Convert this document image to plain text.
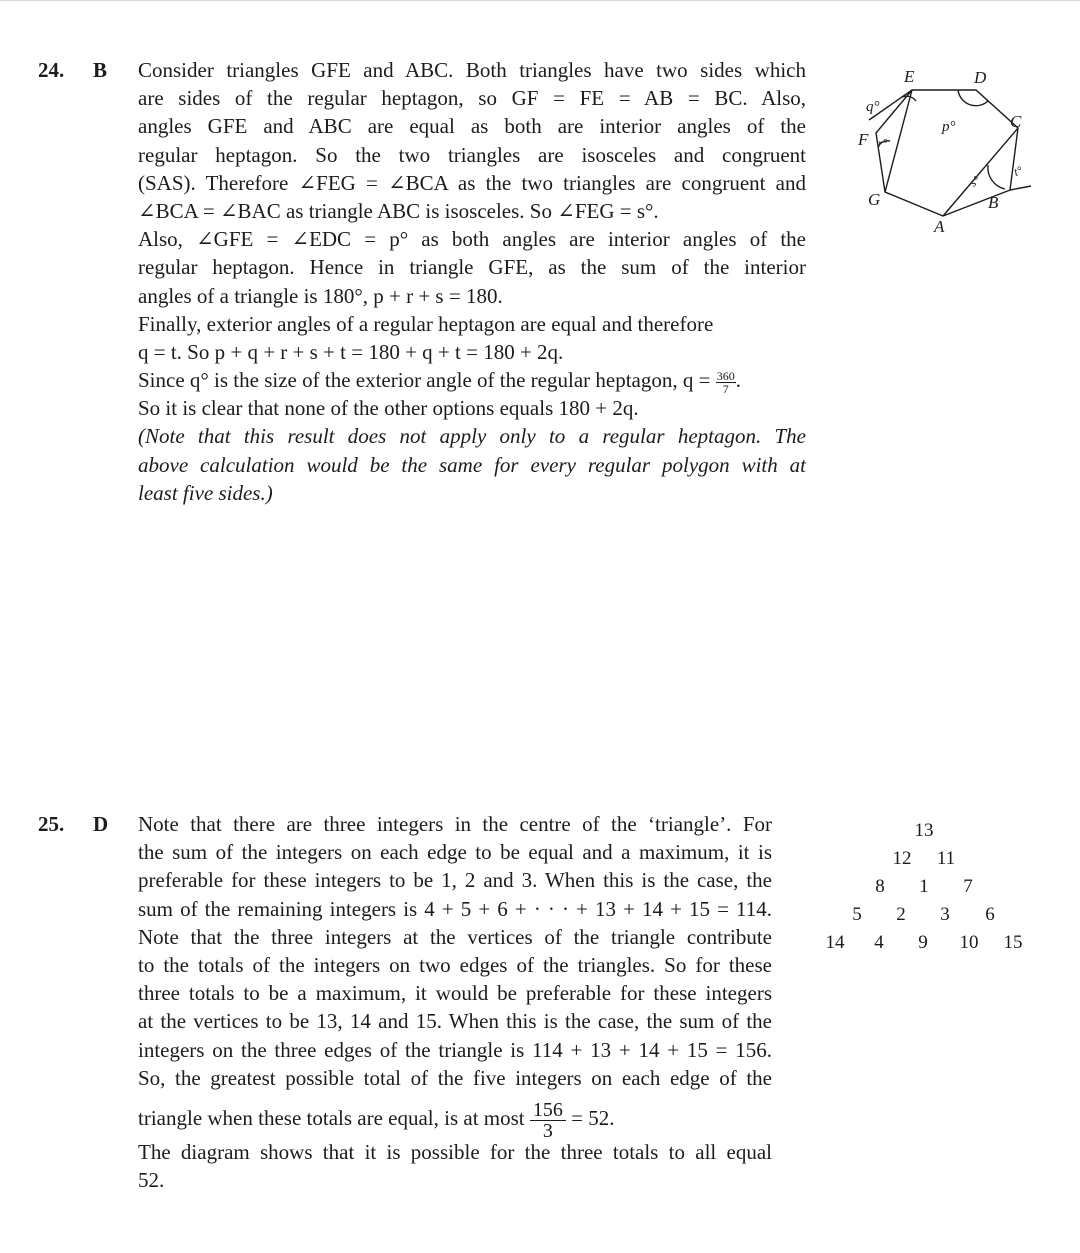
24. B Consider triangles GFE and ABC. Both triangles have two sides which
are sides of the regular heptagon, so GF = FE = AB = BC. Also,
angles GFE and ABC are equal as both are interior angles of the
regular heptagon. So the two triangles are isosceles and congruent
(SAS). Therefore ∠FEG = ∠BCA as the two triangles are congruent and
∠BCA = ∠BAC as triangle ABC is isosceles. So ∠FEG = s°.
Also, ∠GFE = ∠EDC = p° as both angles are interior angles of the
regular heptagon. Hence in triangle GFE, as the sum of the interior
angles of a triangle is 180°, p + r + s = 180.
Finally, exterior angles of a regular heptagon are equal and therefore
q = t. So p + q + r + s + t = 180 + q + t = 180 + 2q.
Since q° is the size of the exterior angle of the regular heptagon, $q = \frac{360}{7}$ .
So it is clear that none of the other options equals 180 + 2q.
(Note that this result does not apply only to a regular heptagon. The
above calculation would be the same for every regular polygon with at
least five sides.)
E	D
C
F
G
A
B
q°
p°
r°
s°
t°
25. D Note that there are three integers in the centre of the ‘triangle’. For
the sum of the integers on each edge to be equal and a maximum, it is
preferable for these integers to be 1, 2 and 3. When this is the case, the
sum of the remaining integers is 4 + 5 + 6 + · · · + 13 + 14 + 15 = 114.
Note that the three integers at the vertices of the triangle contribute
to the totals of the integers on two edges of the triangles. So for these
three totals to be a maximum, it would be preferable for these integers
at the vertices to be 13, 14 and 15. When this is the case, the sum of the
integers on the three edges of the triangle is 114 + 13 + 14 + 15 = 156.
So, the greatest possible total of the five integers on each edge of the
triangle when these totals are equal, is at most $\frac{156}{3} = 52$.
The diagram shows that it is possible for the three totals to all equal
52.
13
12 11
8 1 7
5 2 3 6
14 4 9 10 15
